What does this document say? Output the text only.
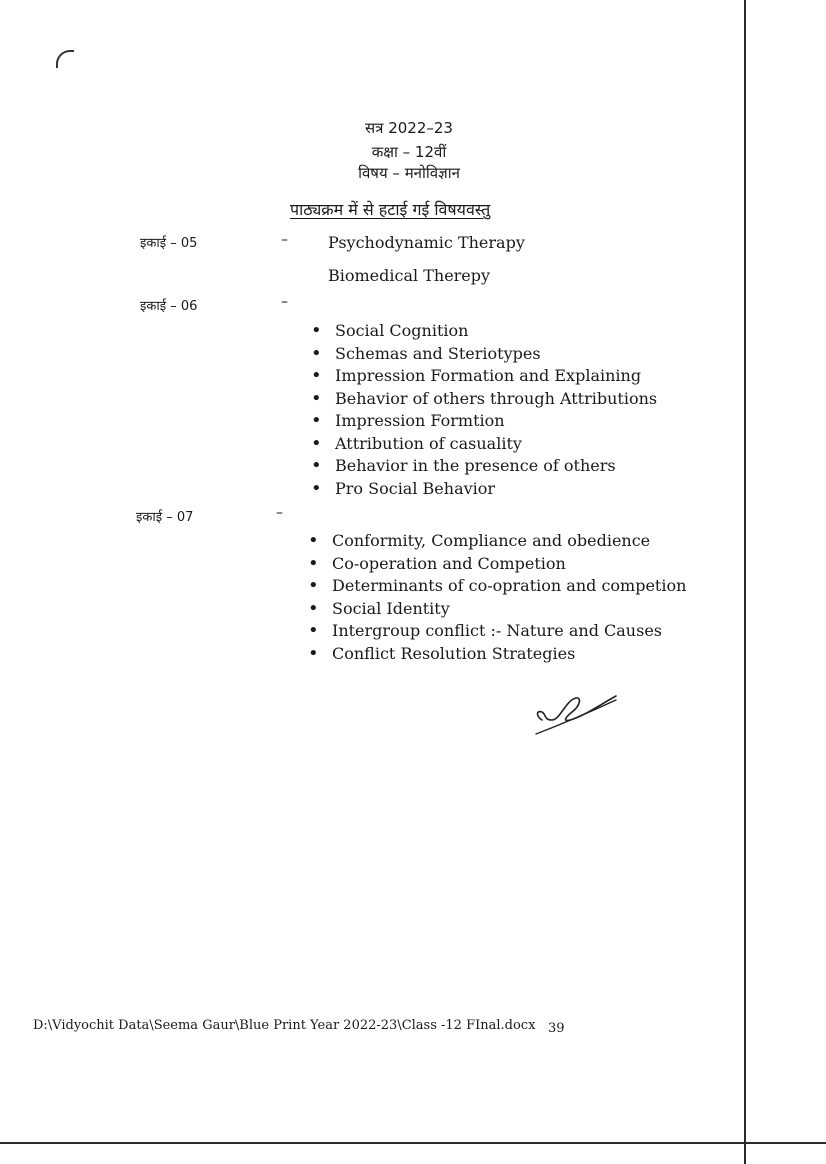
सत्र 2022–23
कक्षा – 12वीं
विषय – मनोविज्ञान
पाठ्यक्रम में से हटाई गई विषयवस्तु
इकाई – 05	–	Psychodynamic Therapy
Biomedical Therepy
इकाई – 06	–
• Social Cognition
• Schemas and Steriotypes
• Impression Formation and Explaining
• Behavior of others through Attributions
• Impression Formtion
• Attribution of casuality
• Behavior in the presence of others
• Pro Social Behavior
इकाई – 07	–
• Conformity, Compliance and obedience
• Co-operation and Competion
• Determinants of co-opration and competion
• Social Identity
• Intergroup conflict :- Nature and Causes
• Conflict Resolution Strategies
D:\Vidyochit Data\Seema Gaur\Blue Print Year 2022-23\Class -12 FInal.docx 39
